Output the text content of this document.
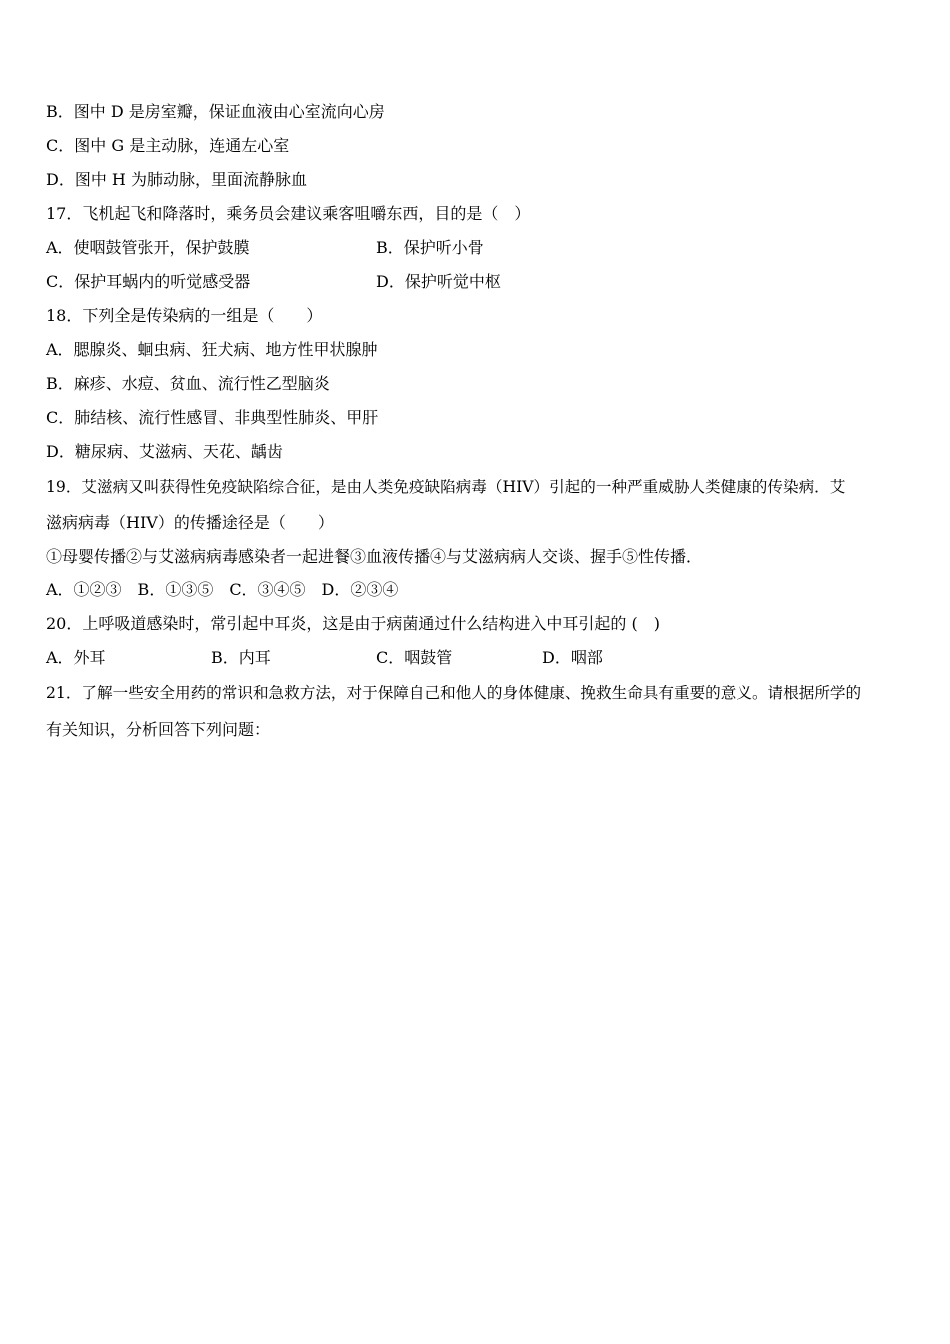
B．图中 D 是房室瓣，保证血液由心室流向心房
C．图中 G 是主动脉，连通左心室
D．图中 H 为肺动脉，里面流静脉血
17．飞机起飞和降落时，乘务员会建议乘客咀嚼东西，目的是（　）
A．使咽鼓管张开，保护鼓膜	B．保护听小骨
C．保护耳蜗内的听觉感受器	D．保护听觉中枢
18．下列全是传染病的一组是（　　）
A．腮腺炎、蛔虫病、狂犬病、地方性甲状腺肿
B．麻疹、水痘、贫血、流行性乙型脑炎
C．肺结核、流行性感冒、非典型性肺炎、甲肝
D．糖尿病、艾滋病、天花、龋齿
19．艾滋病又叫获得性免疫缺陷综合征，是由人类免疫缺陷病毒（HIV）引起的一种严重威胁人类健康的传染病．艾
滋病病毒（HIV）的传播途径是（　　）
①母婴传播②与艾滋病病毒感染者一起进餐③血液传播④与艾滋病病人交谈、握手⑤性传播．
A．①②③　B．①③⑤　C．③④⑤　D．②③④
20．上呼吸道感染时，常引起中耳炎，这是由于病菌通过什么结构进入中耳引起的 (　)
A．外耳	B．内耳	C．咽鼓管	D．咽部
21．了解一些安全用药的常识和急救方法，对于保障自己和他人的身体健康、挽救生命具有重要的意义。请根据所学的
有关知识，分析回答下列问题：
